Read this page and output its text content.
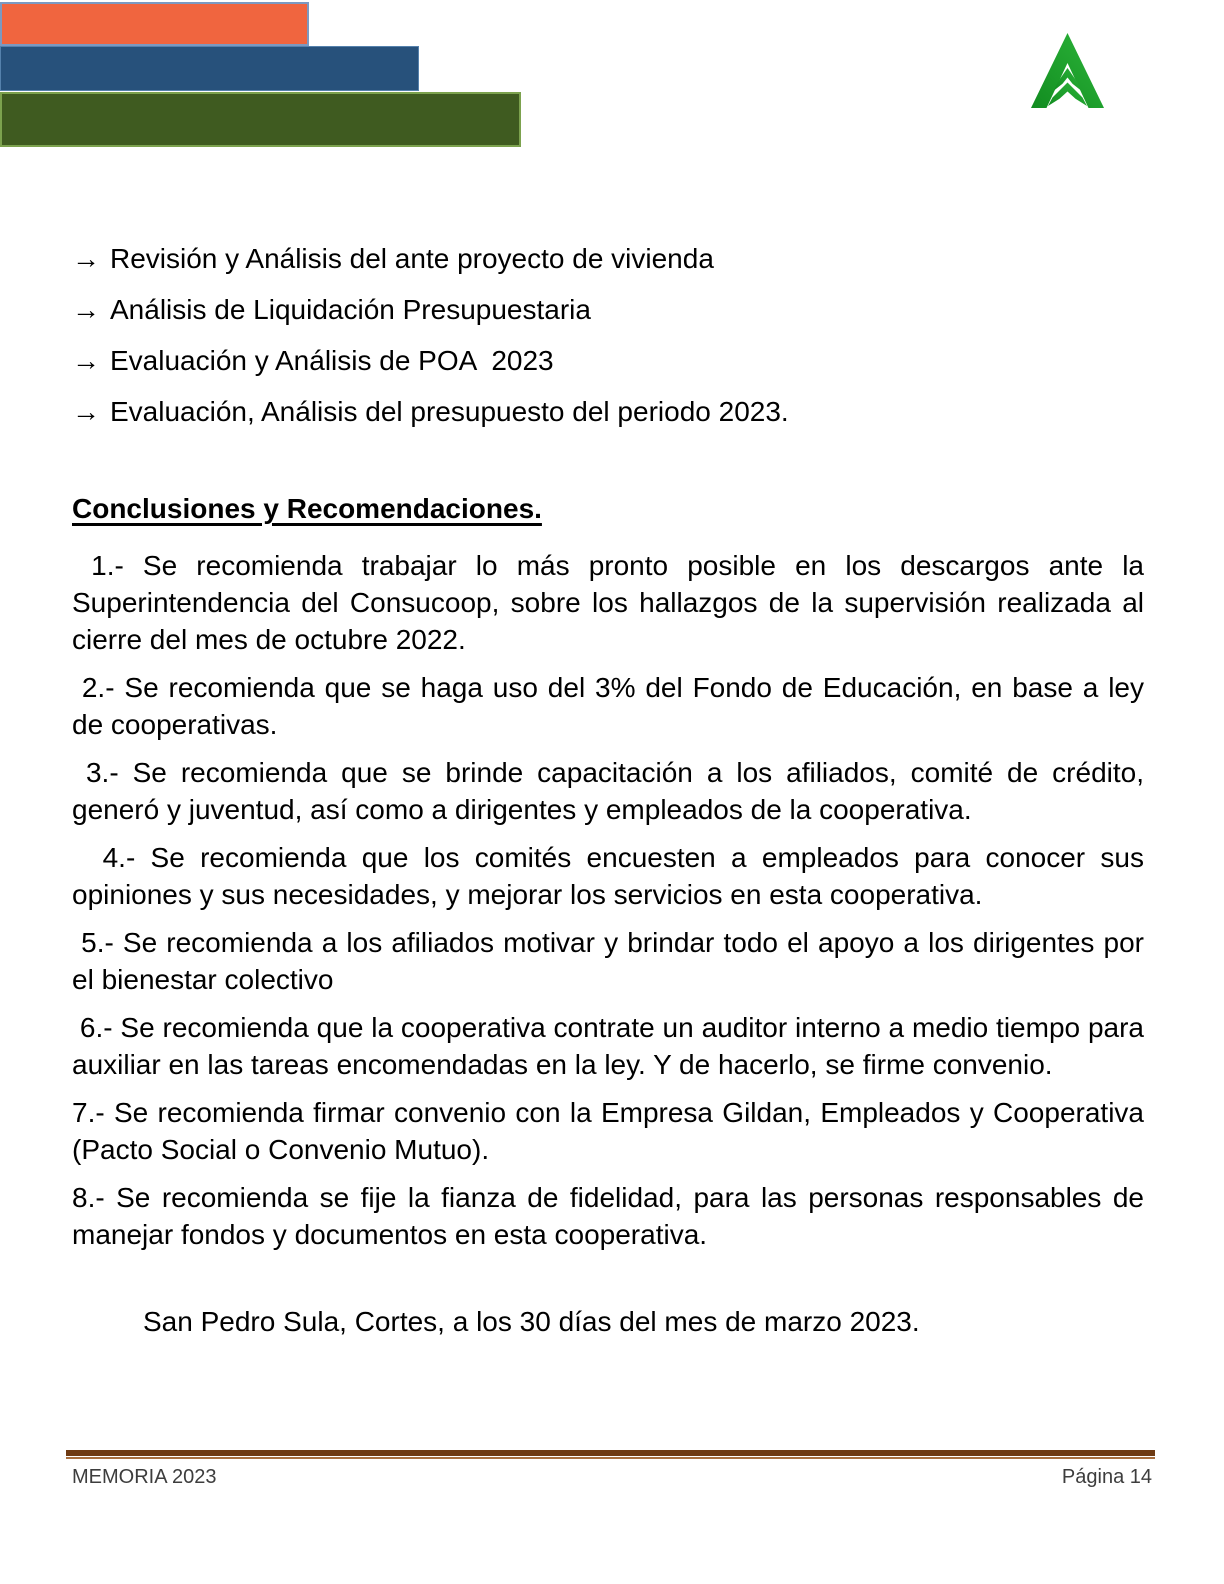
→ Revisión y Análisis del ante proyecto de vivienda
→ Análisis de Liquidación Presupuestaria
→ Evaluación y Análisis de POA  2023
→ Evaluación, Análisis del presupuesto del periodo 2023.
Conclusiones y Recomendaciones.

1.- Se recomienda trabajar lo más pronto posible en los descargos ante la Superintendencia del Consucoop, sobre los hallazgos de la supervisión realizada al cierre del mes de octubre 2022.

2.- Se recomienda que se haga uso del 3% del Fondo de Educación, en base a ley de cooperativas.

3.- Se recomienda que se brinde capacitación a los afiliados, comité de crédito, generó y juventud, así como a dirigentes y empleados de la cooperativa.

4.- Se recomienda que los comités encuesten a empleados para conocer sus opiniones y sus necesidades, y mejorar los servicios en esta cooperativa.

5.- Se recomienda a los afiliados motivar y brindar todo el apoyo a los dirigentes por el bienestar colectivo

6.- Se recomienda que la cooperativa contrate un auditor interno a medio tiempo para auxiliar en las tareas encomendadas en la ley. Y de hacerlo, se firme convenio.

7.- Se recomienda firmar convenio con la Empresa Gildan, Empleados y Cooperativa (Pacto Social o Convenio Mutuo).

8.- Se recomienda se fije la fianza de fidelidad, para las personas responsables de manejar fondos y documentos en esta cooperativa.

San Pedro Sula, Cortes, a los 30 días del mes de marzo 2023.

MEMORIA 2023	Página 14
